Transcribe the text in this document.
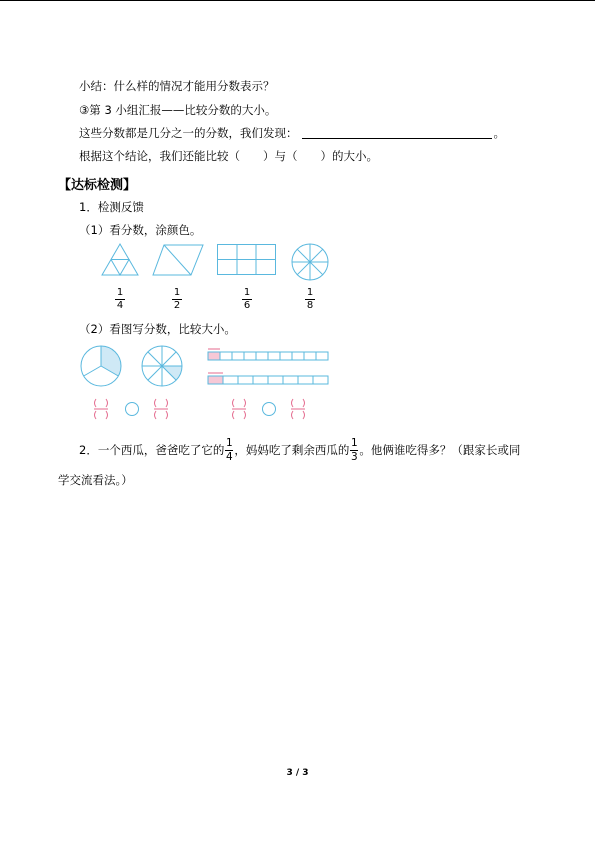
小结：什么样的情况才能用分数表示？
③第 3 小组汇报——比较分数的大小。
这些分数都是几分之一的分数，我们发现：	。
根据这个结论，我们还能比较（　　）与（　　）的大小。
【达标检测】
1．检测反馈
（1）看分数，涂颜色。
1
4
1
2
1
6
1
8
（2）看图写分数，比较大小。
2．一个西瓜，爸爸吃了它的 $\frac{1}{4}$ ，妈妈吃了剩余西瓜的 $\frac{1}{3}$ 。他俩谁吃得多？（跟家长或同
学交流看法。）
3 / 3
